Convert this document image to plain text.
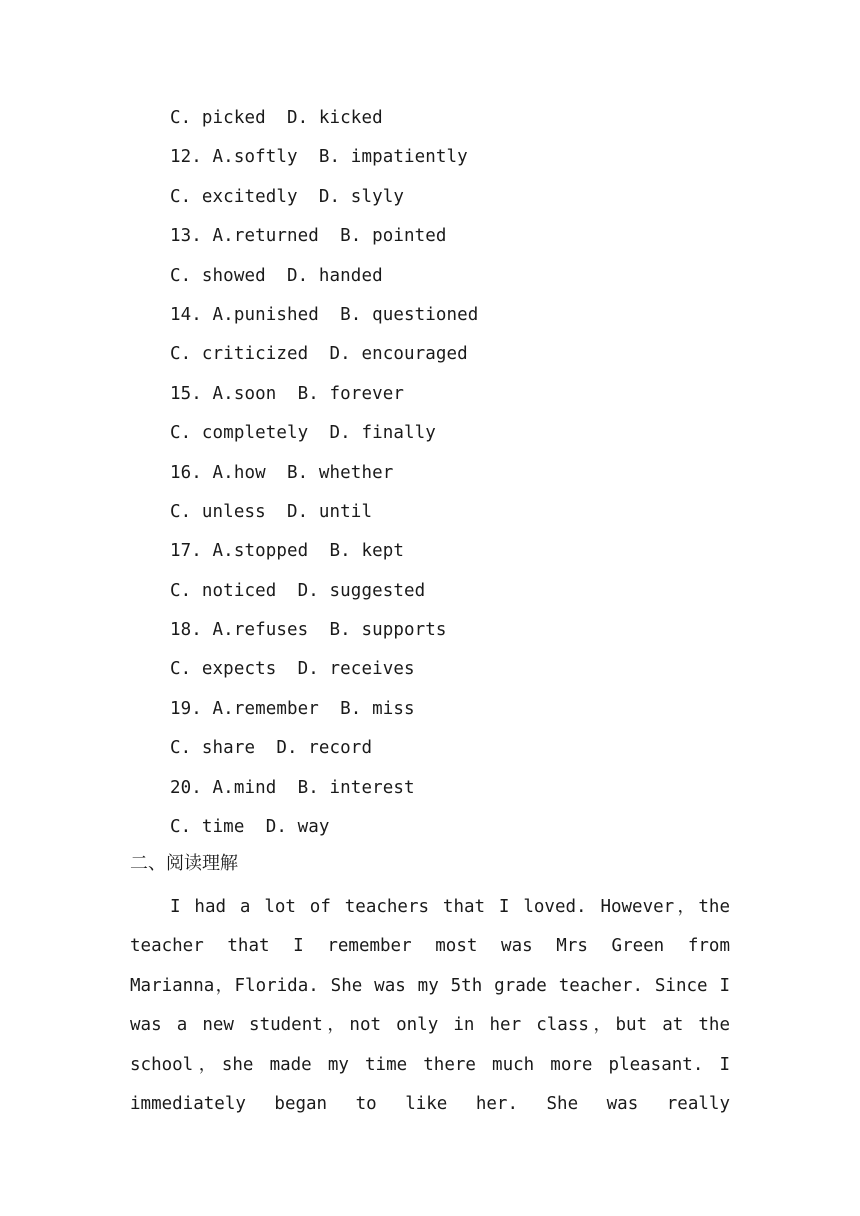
C. picked  D. kicked
12. A.softly  B. impatiently
C. excitedly  D. slyly
13. A.returned  B. pointed
C. showed  D. handed
14. A.punished  B. questioned
C. criticized  D. encouraged
15. A.soon  B. forever
C. completely  D. finally
16. A.how  B. whether
C. unless  D. until
17. A.stopped  B. kept
C. noticed  D. suggested
18. A.refuses  B. supports
C. expects  D. receives
19. A.remember  B. miss
C. share  D. record
20. A.mind  B. interest
C. time  D. way
二、阅读理解

I had a lot of teachers that I loved. However，the teacher that I remember most was Mrs Green from Marianna，Florida. She was my 5th grade teacher. Since I was a new student，not only in her class，but at the school，she made my time there much more pleasant. I immediately began to like her. She was really
